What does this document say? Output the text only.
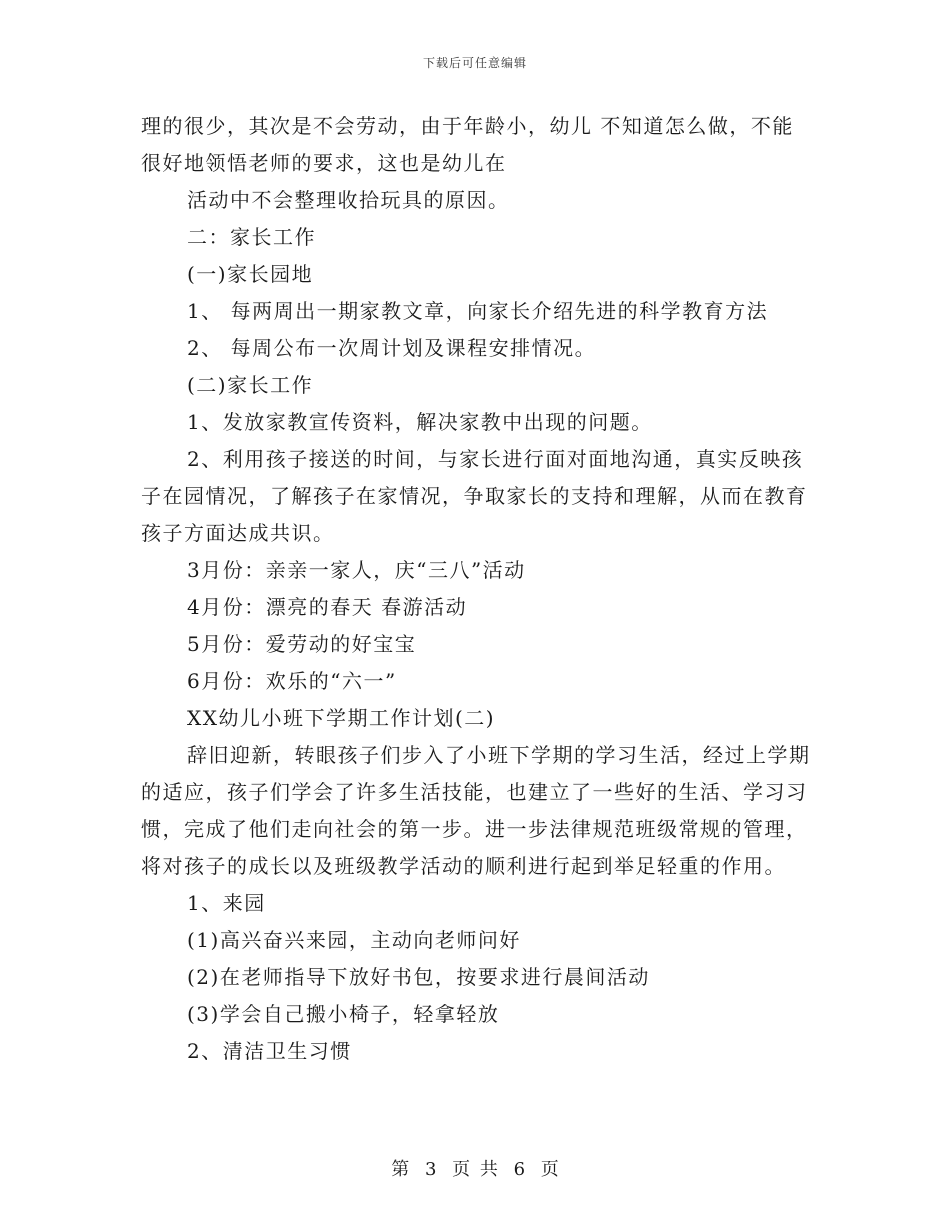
下载后可任意编辑

理的很少，其次是不会劳动，由于年龄小，幼儿 不知道怎么做，不能很好地领悟老师的要求，这也是幼儿在

活动中不会整理收拾玩具的原因。

二：家长工作

(一)家长园地

1、 每两周出一期家教文章，向家长介绍先进的科学教育方法

2、 每周公布一次周计划及课程安排情况。

(二)家长工作

1、发放家教宣传资料，解决家教中出现的问题。

2、利用孩子接送的时间，与家长进行面对面地沟通，真实反映孩子在园情况，了解孩子在家情况，争取家长的支持和理解，从而在教育孩子方面达成共识。

3月份：亲亲一家人，庆“三八”活动

4月份：漂亮的春天 春游活动

5月份：爱劳动的好宝宝

6月份：欢乐的“六一”

XX幼儿小班下学期工作计划(二)

辞旧迎新，转眼孩子们步入了小班下学期的学习生活，经过上学期的适应，孩子们学会了许多生活技能，也建立了一些好的生活、学习习惯，完成了他们走向社会的第一步。进一步法律规范班级常规的管理，将对孩子的成长以及班级教学活动的顺利进行起到举足轻重的作用。

1、来园

(1)高兴奋兴来园，主动向老师问好

(2)在老师指导下放好书包，按要求进行晨间活动

(3)学会自己搬小椅子，轻拿轻放

2、清洁卫生习惯

第 3 页 共 6 页
